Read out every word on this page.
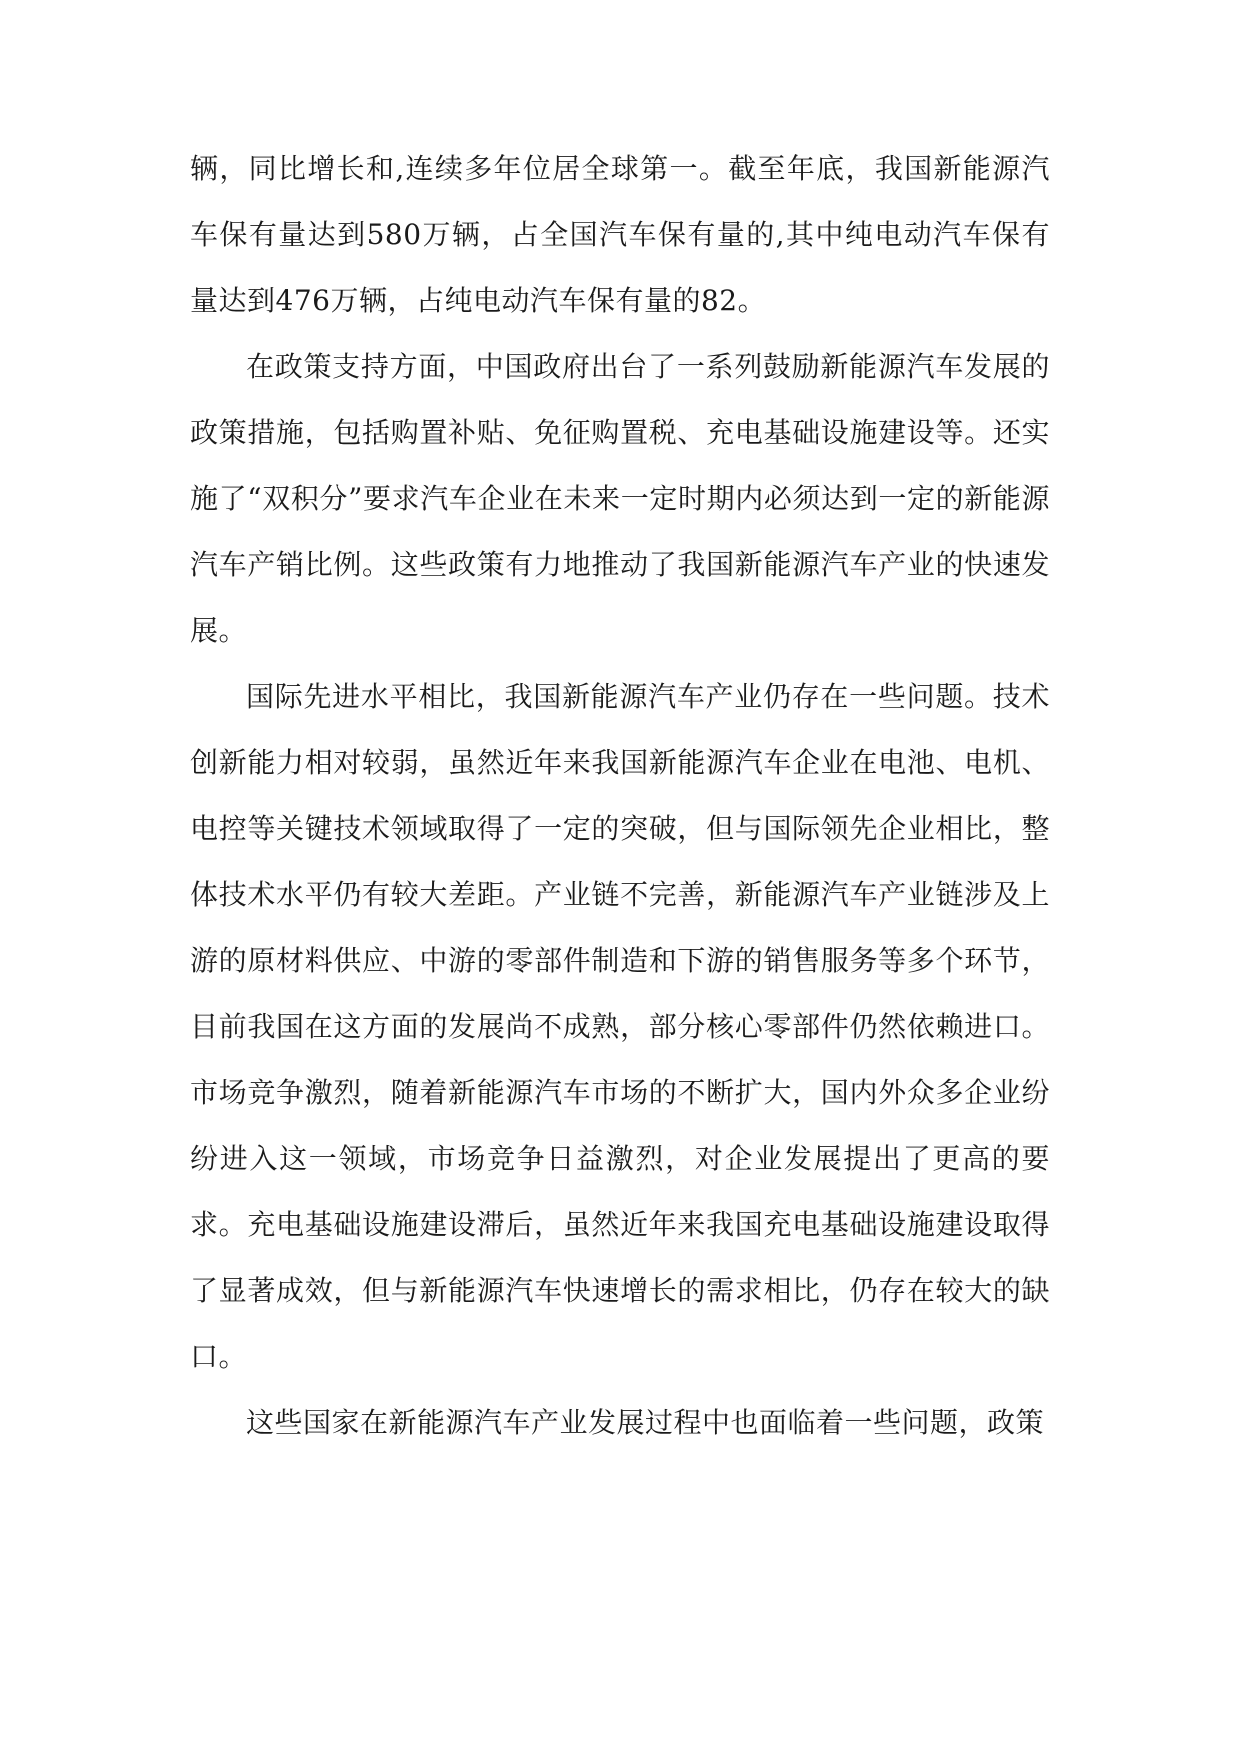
辆，同比增长和,连续多年位居全球第一。截至年底，我国新能源汽车保有量达到580万辆，占全国汽车保有量的,其中纯电动汽车保有量达到476万辆，占纯电动汽车保有量的82。

在政策支持方面，中国政府出台了一系列鼓励新能源汽车发展的政策措施，包括购置补贴、免征购置税、充电基础设施建设等。还实施了“双积分”要求汽车企业在未来一定时期内必须达到一定的新能源汽车产销比例。这些政策有力地推动了我国新能源汽车产业的快速发展。

国际先进水平相比，我国新能源汽车产业仍存在一些问题。技术创新能力相对较弱，虽然近年来我国新能源汽车企业在电池、电机、电控等关键技术领域取得了一定的突破，但与国际领先企业相比，整体技术水平仍有较大差距。产业链不完善，新能源汽车产业链涉及上游的原材料供应、中游的零部件制造和下游的销售服务等多个环节，目前我国在这方面的发展尚不成熟，部分核心零部件仍然依赖进口。市场竞争激烈，随着新能源汽车市场的不断扩大，国内外众多企业纷纷进入这一领域，市场竞争日益激烈，对企业发展提出了更高的要求。充电基础设施建设滞后，虽然近年来我国充电基础设施建设取得了显著成效，但与新能源汽车快速增长的需求相比，仍存在较大的缺口。

这些国家在新能源汽车产业发展过程中也面临着一些问题，政策
